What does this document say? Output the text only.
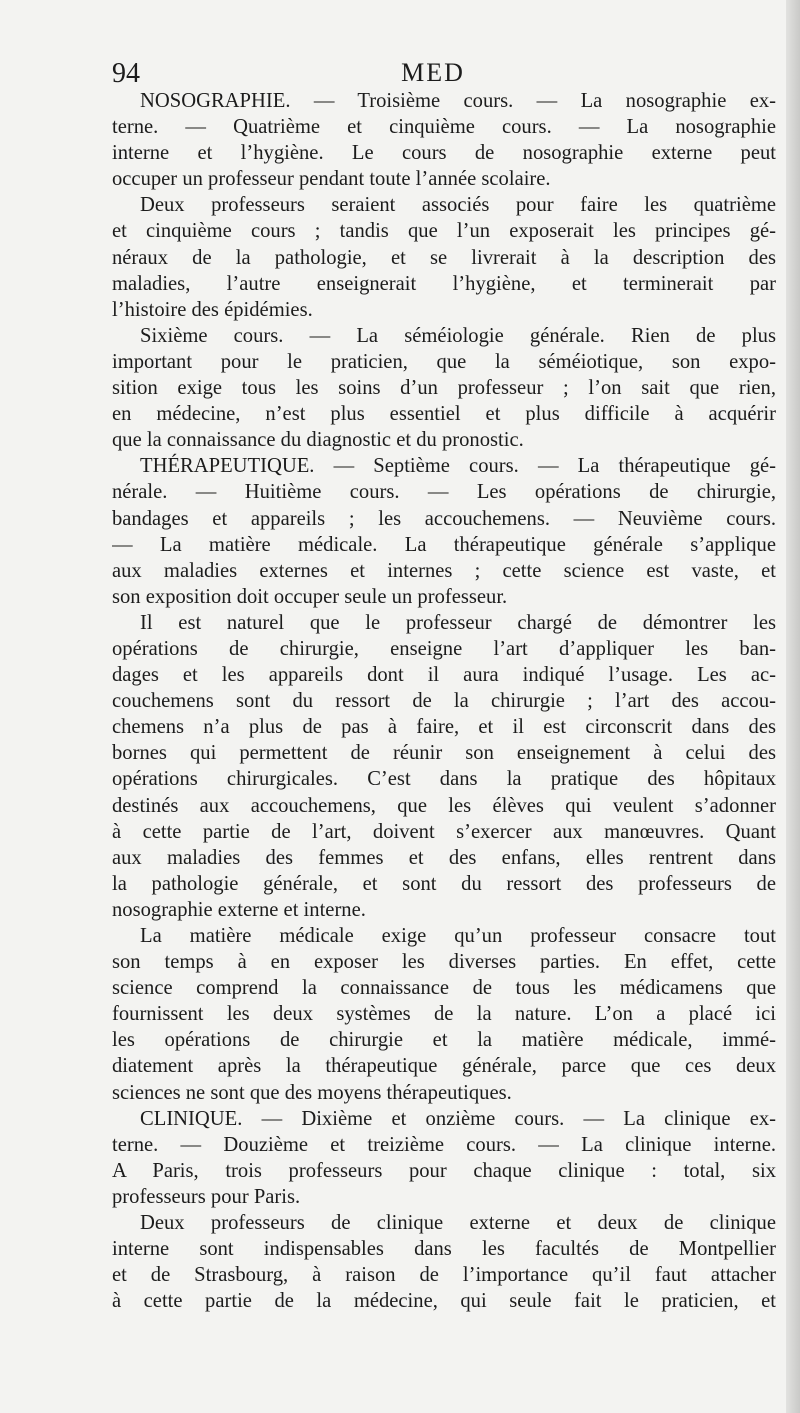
94	MED
NOSOGRAPHIE. — Troisième cours. — La nosographie ex-
terne. — Quatrième et cinquième cours. — La nosographie
interne et l’hygiène. Le cours de nosographie externe peut
occuper un professeur pendant toute l’année scolaire.
Deux professeurs seraient associés pour faire les quatrième
et cinquième cours ; tandis que l’un exposerait les principes gé-
néraux de la pathologie, et se livrerait à la description des
maladies, l’autre enseignerait l’hygiène, et terminerait par
l’histoire des épidémies.
Sixième cours. — La séméiologie générale. Rien de plus
important pour le praticien, que la séméiotique, son expo-
sition exige tous les soins d’un professeur ; l’on sait que rien,
en médecine, n’est plus essentiel et plus difficile à acquérir
que la connaissance du diagnostic et du pronostic.
THÉRAPEUTIQUE. — Septième cours. — La thérapeutique gé-
nérale. — Huitième cours. — Les opérations de chirurgie,
bandages et appareils ; les accouchemens. — Neuvième cours.
— La matière médicale. La thérapeutique générale s’applique
aux maladies externes et internes ; cette science est vaste, et
son exposition doit occuper seule un professeur.
Il est naturel que le professeur chargé de démontrer les
opérations de chirurgie, enseigne l’art d’appliquer les ban-
dages et les appareils dont il aura indiqué l’usage. Les ac-
couchemens sont du ressort de la chirurgie ; l’art des accou-
chemens n’a plus de pas à faire, et il est circonscrit dans des
bornes qui permettent de réunir son enseignement à celui des
opérations chirurgicales. C’est dans la pratique des hôpitaux
destinés aux accouchemens, que les élèves qui veulent s’adonner
à cette partie de l’art, doivent s’exercer aux manœuvres. Quant
aux maladies des femmes et des enfans, elles rentrent dans
la pathologie générale, et sont du ressort des professeurs de
nosographie externe et interne.
La matière médicale exige qu’un professeur consacre tout
son temps à en exposer les diverses parties. En effet, cette
science comprend la connaissance de tous les médicamens que
fournissent les deux systèmes de la nature. L’on a placé ici
les opérations de chirurgie et la matière médicale, immé-
diatement après la thérapeutique générale, parce que ces deux
sciences ne sont que des moyens thérapeutiques.
CLINIQUE. — Dixième et onzième cours. — La clinique ex-
terne. — Douzième et treizième cours. — La clinique interne.
A Paris, trois professeurs pour chaque clinique : total, six
professeurs pour Paris.
Deux professeurs de clinique externe et deux de clinique
interne sont indispensables dans les facultés de Montpellier
et de Strasbourg, à raison de l’importance qu’il faut attacher
à cette partie de la médecine, qui seule fait le praticien, et
